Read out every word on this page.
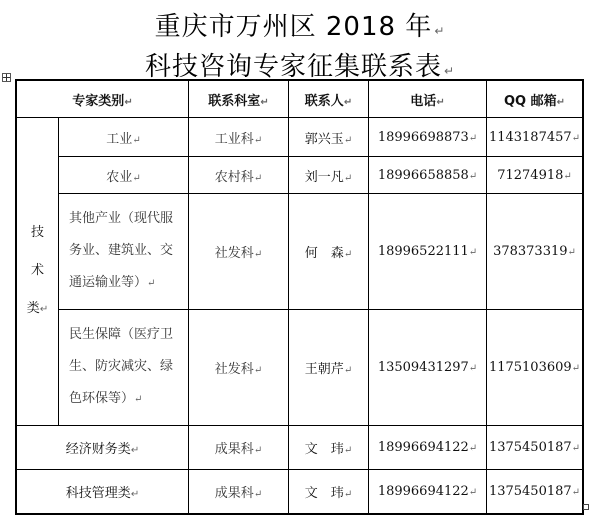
重庆市万州区 2018 年 ↵
科技咨询专家征集联系表 ↵
专家类别↵		联系科室↵	联系人↵	电话↵	QQ 邮箱↵

技
术
类↵	工业↵	工业科↵	郭兴玉↵	18996698873↵	1143187457↵
	农业↵	农村科↵	刘一凡↵	18996658858↵	71274918↵
	其他产业（现代服务业、建筑业、交通运输业等）↵	社发科↵	何　森↵	18996522111↵	378373319↵
	民生保障（医疗卫生、防灾减灾、绿色环保等）↵	社发科↵	王朝芹↵	13509431297↵	1175103609↵
经济财务类↵		成果科↵	文　玮↵	18996694122↵	1375450187↵
科技管理类↵		成果科↵	文　玮↵	18996694122↵	1375450187↵
